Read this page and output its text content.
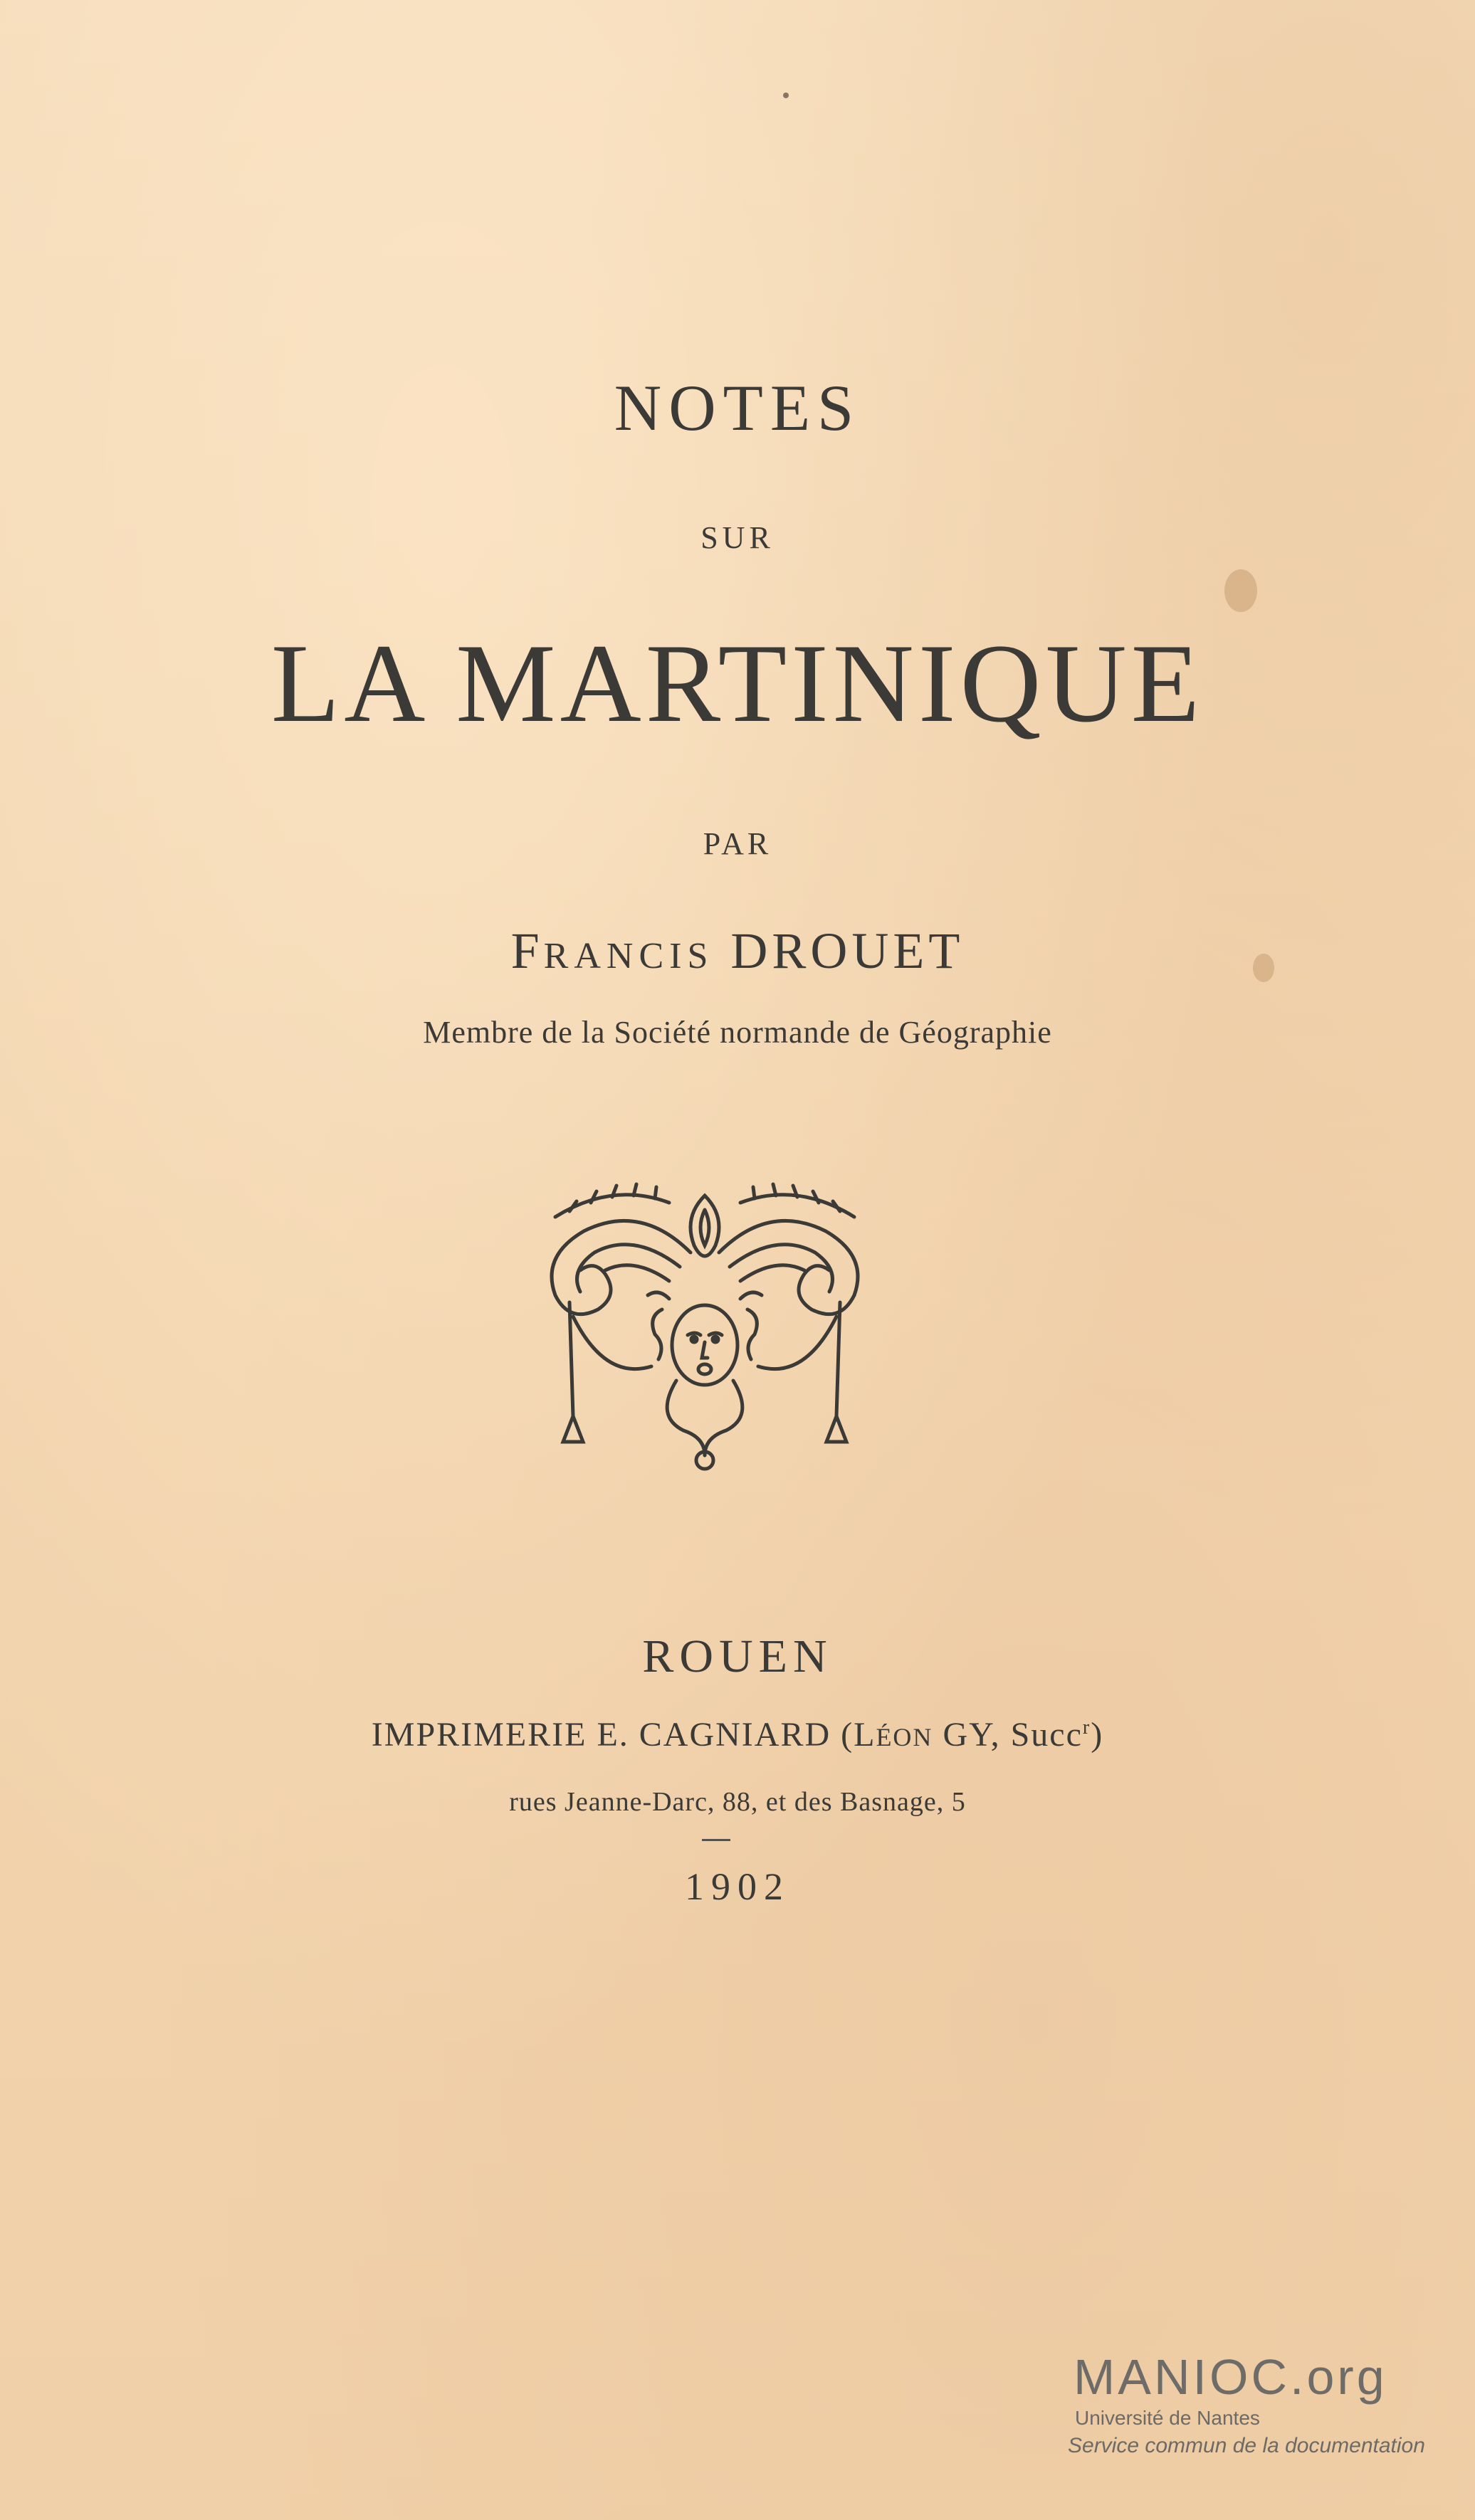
NOTES
SUR
LA MARTINIQUE
PAR
FRANCIS DROUET
Membre de la Société normande de Géographie
ROUEN
IMPRIMERIE E. CAGNIARD (LÉON GY, Succ$^r$)
rues Jeanne-Darc, 88, et des Basnage, 5
1902
MANIOC.org
Université de Nantes
Service commun de la documentation
